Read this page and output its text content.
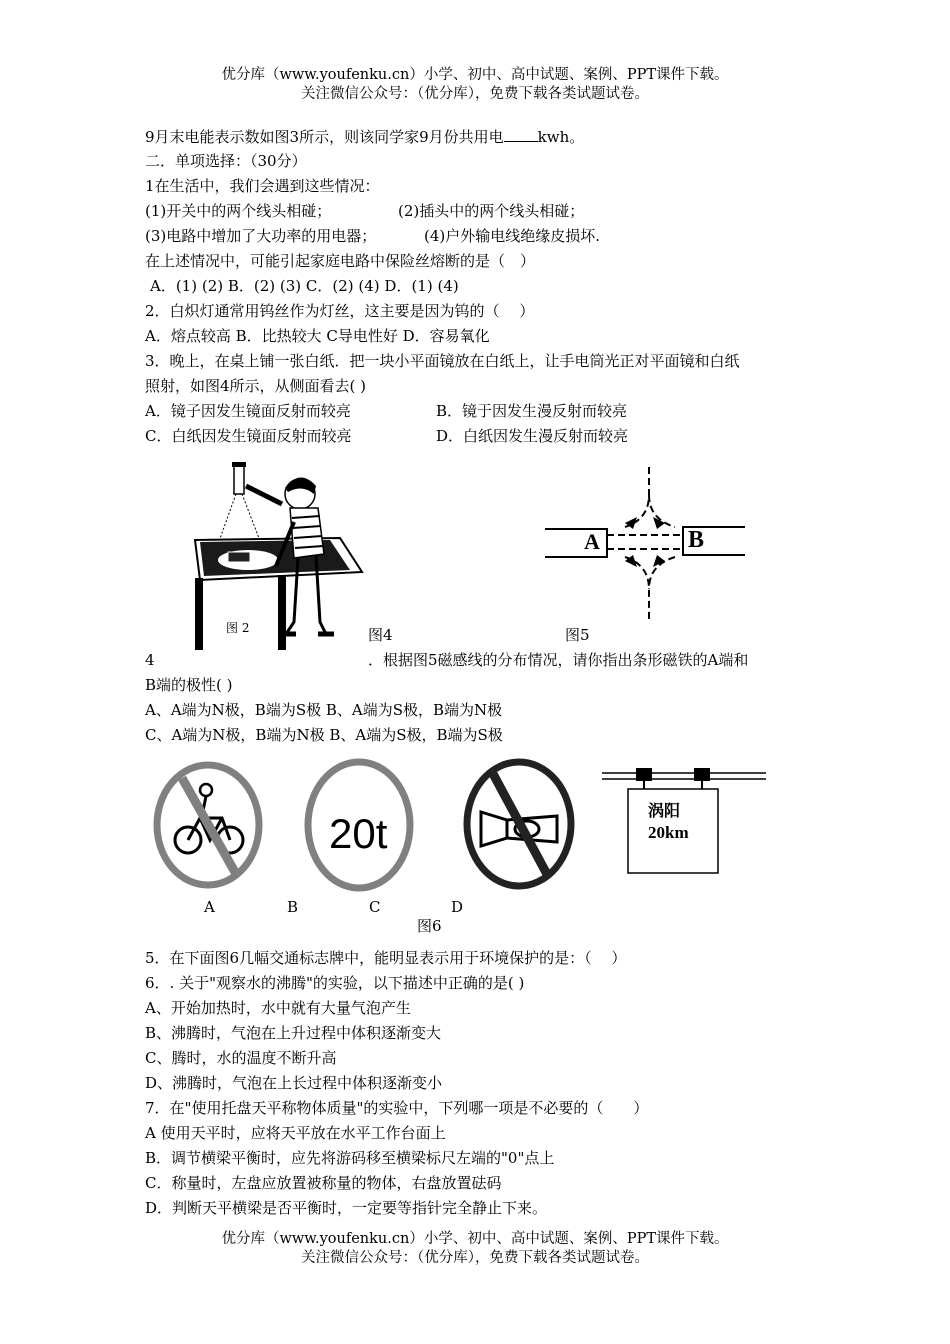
优分库（www.youfenku.cn）小学、初中、高中试题、案例、PPT课件下载。
关注微信公众号：（优分库），免费下载各类试题试卷。
9月末电能表示数如图3所示，则该同学家9月份共用电 kwh。
二．单项选择：（30分）
1在生活中，我们会遇到这些情况：
(1)开关中的两个线头相碰；	(2)插头中的两个线头相碰；
(3)电路中增加了大功率的用电器；	(4)户外输电线绝缘皮损坏.
在上述情况中，可能引起家庭电路中保险丝熔断的是（　）
A．(1) (2) B．(2) (3) C．(2) (4) D．(1) (4)
2．白炽灯通常用钨丝作为灯丝，这主要是因为钨的（　 ）
A．熔点较高 B．比热较大 C导电性好 D．容易氧化
3．晚上，在桌上铺一张白纸．把一块小平面镜放在白纸上，让手电筒光正对平面镜和白纸
照射，如图4所示，从侧面看去( )
A．镜子因发生镜面反射而较亮	B．镜于因发生漫反射而较亮
C．白纸因发生镜面反射而较亮	D．白纸因发生漫反射而较亮
图 2	图4
A	B
图5
4	．根据图5磁感线的分布情况，请你指出条形磁铁的A端和
B端的极性( )
A、A端为N极，B端为S极 B、A端为S极，B端为N极
C、A端为N极，B端为N极 B、A端为S极，B端为S极
20t	涡阳
20km
A	B	C	D
图6
5．在下面图6几幅交通标志牌中，能明显表示用于环境保护的是：（　 ）
6．. 关于"观察水的沸腾"的实验，以下描述中正确的是( )
A、开始加热时，水中就有大量气泡产生
B、沸腾时，气泡在上升过程中体积逐渐变大
C、腾时，水的温度不断升高
D、沸腾时，气泡在上长过程中体积逐渐变小
7．在"使用托盘天平称物体质量"的实验中，下列哪一项是不必要的（　　）
A 使用天平时，应将天平放在水平工作台面上
B．调节横梁平衡时，应先将游码移至横梁标尺左端的"0"点上
C．称量时，左盘应放置被称量的物体，右盘放置砝码
D．判断天平横梁是否平衡时，一定要等指针完全静止下来。
优分库（www.youfenku.cn）小学、初中、高中试题、案例、PPT课件下载。
关注微信公众号：（优分库），免费下载各类试题试卷。
